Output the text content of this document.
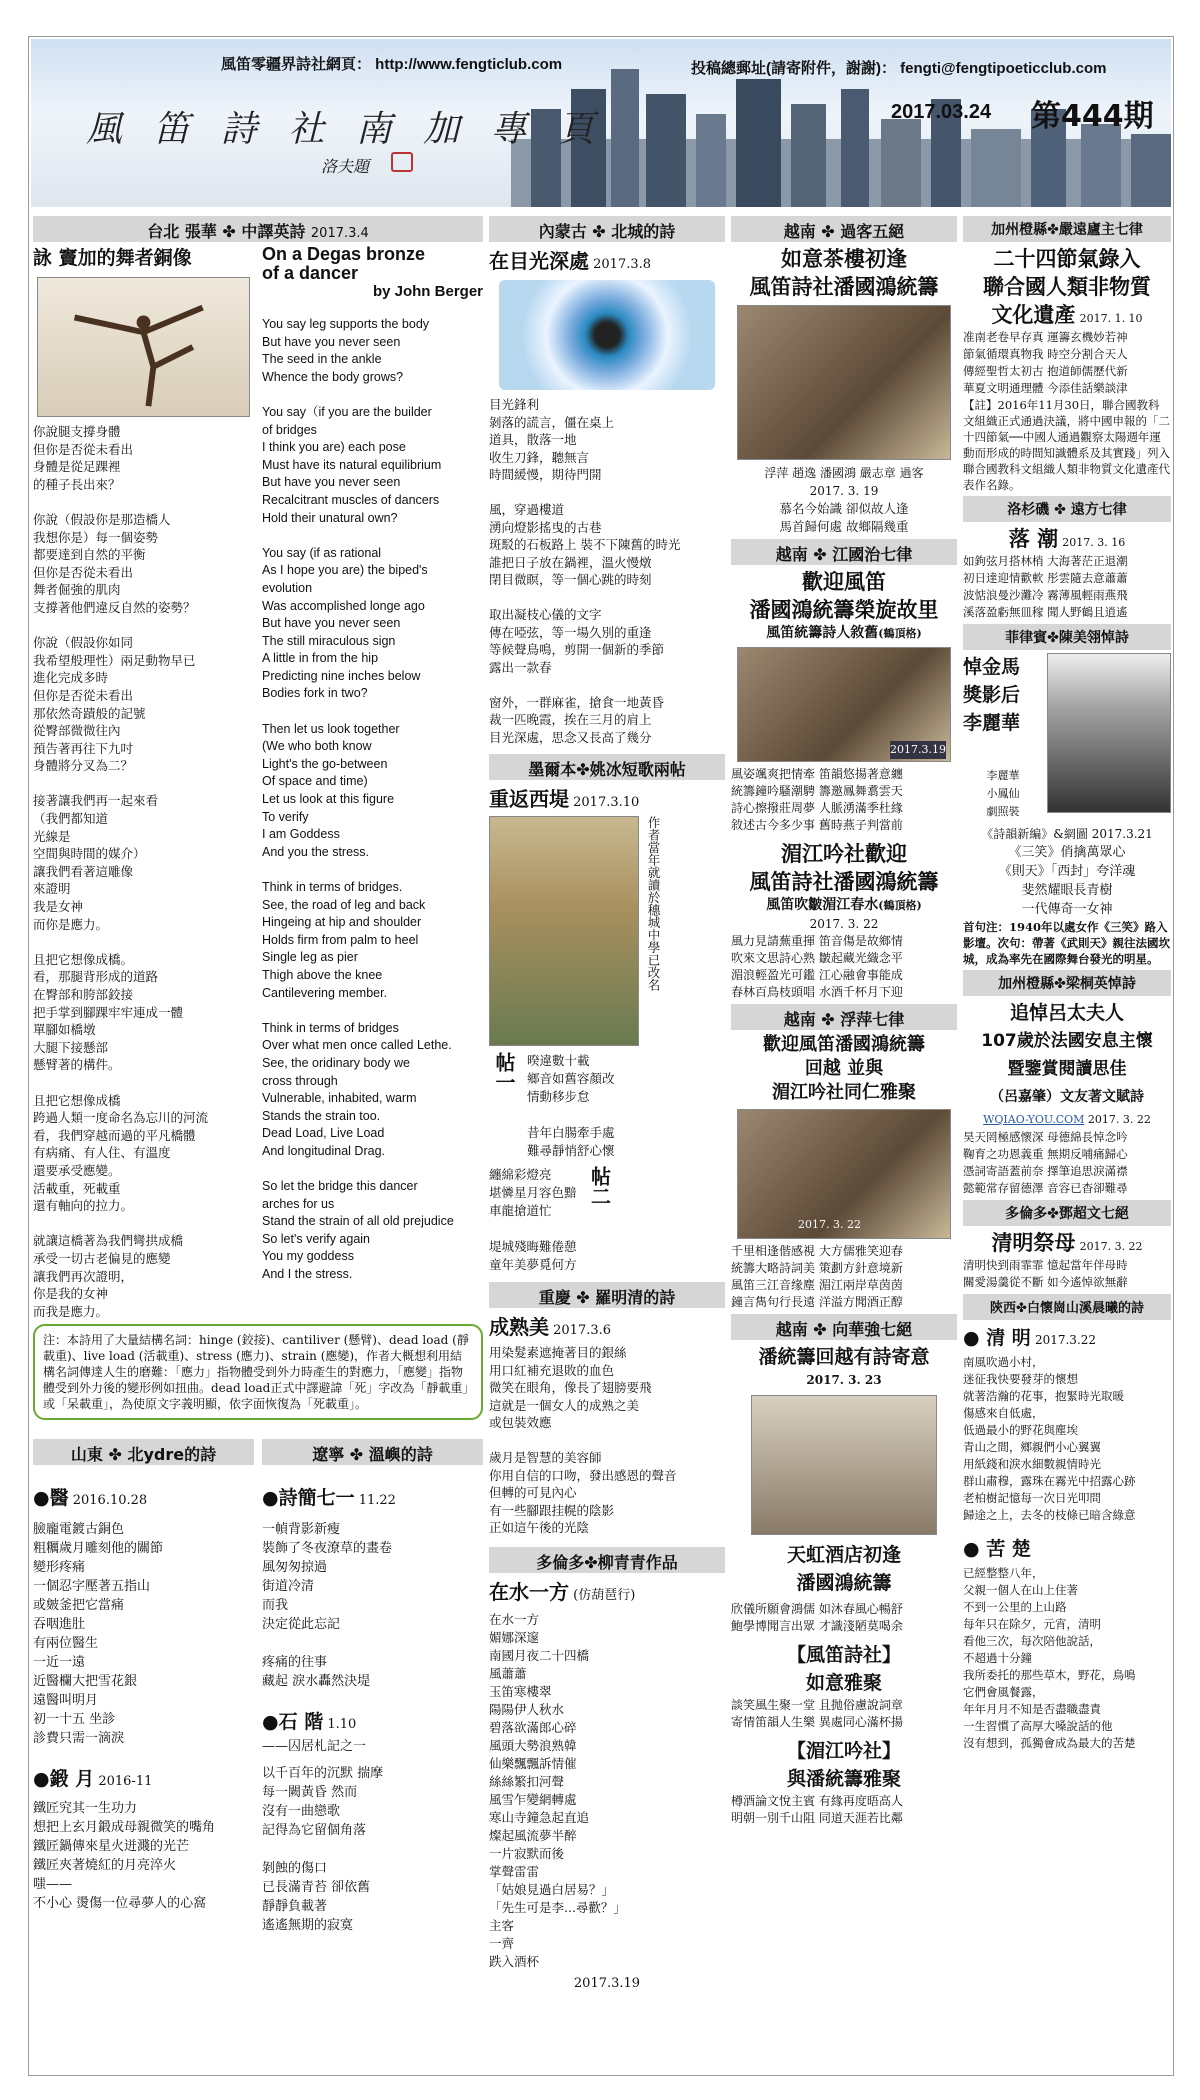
風笛零疆界詩社網頁： http://www.fengticlub.com	投稿總郵址(請寄附件，謝謝)： fengti@fengtipoeticclub.com
風 笛 詩 社 南 加 專 頁
洛夫題
2017.03.24 第444期
台北 張華 ✤ 中譯英詩 2017.3.4
詠 竇加的舞者銅像
你說腿支撐身體
但你是否從未看出
身體是從足踝裡
的種子長出來？

你說（假設你是那造橋人
我想你是）每一個姿勢
都要達到自然的平衡
但你是否從未看出
舞者倔強的肌肉
支撐著他們違反自然的姿勢？

你說（假設你如同
我希望般理性）兩足動物早已
進化完成多時
但你是否從未看出
那依然奇蹟般的記號
從臀部微微往內
預告著再往下九吋
身體將分叉為二？

接著讓我們再一起來看
（我們都知道
光線是
空間與時間的媒介）
讓我們看著這雕像
來證明
我是女神
而你是應力。

且把它想像成橋。
看，那腿背形成的道路
在臀部和胯部鉸接
把手掌到腳踝牢牢連成一體
單腳如橋墩
大腿下接懸部
懸臂著的構件。

且把它想像成橋
跨過人類一度命名為忘川的河流
看，我們穿越而過的平凡橋體
有病痛、有人住、有溫度
還要承受應變。
活載重，死載重
還有軸向的拉力。

就讓這橋著為我們彎拱成橋
承受一切古老偏見的應變
讓我們再次證明，
你是我的女神
而我是應力。
On a Degas bronze
of a dancer
by John Berger
You say leg supports the body
But have you never seen
The seed in the ankle
Whence the body grows?

You say（if you are the builder
of bridges
I think you are) each pose
Must have its natural equilibrium
But have you never seen
Recalcitrant muscles of dancers
Hold their unatural own?

You say (if as rational
As I hope you are) the biped's
evolution
Was accomplished longe ago
But have you never seen
The still miraculous sign
A little in from the hip
Predicting nine inches below
Bodies fork in two?

Then let us look together
(We who both know
Light's the go-between
Of space and time)
Let us look at this figure
To verify
I am Goddess
And you the stress.

Think in terms of bridges.
See, the road of leg and back
Hingeing at hip and shoulder
Holds firm from palm to heel
Single leg as pier
Thigh above the knee
Cantilevering member.

Think in terms of bridges
Over what men once called Lethe.
See, the oridinary body we
cross through
Vulnerable, inhabited, warm
Stands the strain too.
Dead Load, Live Load
And longitudinal Drag.

So let the bridge this dancer
arches for us
Stand the strain of all old prejudice
So let's verify again
You my goddess
And I the stress.
注：本詩用了大量結構名詞：hinge (鉸接)、cantiliver (懸臂)、dead load (靜載重)、live load (活載重)、stress (應力)、strain (應變)，作者大概想利用結構名詞傳達人生的磨難：「應力」指物體受到外力時產生的對應力，「應變」指物體受到外力後的變形例如扭曲。dead load正式中譯避諱「死」字改為「靜載重」或「呆載重」，為使原文字義明顯，依字面恢復為「死載重」。
山東 ✤ 北ydre的詩
●醫 2016.10.28
臉龐電鍍古銅色
粗糲歲月雕刻他的關節
變形疼痛
一個忍字壓著五指山
或皴釜把它當痛
吞咽進肚
有兩位醫生
一近一遠
近醫欄大把雪花銀
遠醫叫明月
初一十五 坐診
診費只需一滴淚
●鍛 月 2016-11
鐵匠究其一生功力
想把上玄月鍛成母親微笑的嘴角
鐵匠鍋傳來星火迸濺的光芒
鐵匠夾著燒紅的月亮淬火
嗤——
不小心 燙傷一位尋夢人的心窩
遼寧 ✤ 溫嶼的詩
●詩簡七一 11.22
一幀背影新瘦
裝飾了冬夜潦草的畫卷
風匆匆掠過
街道冷清
而我
決定從此忘記

疼痛的往事
藏起 淚水轟然決堤
●石 階 1.10
——囚居札記之一
以千百年的沉默 揣摩
每一闕黃昏 然而
沒有一曲戀歌
記得為它留個角落

剝蝕的傷口
已長滿青苔 卻依舊
靜靜負載著
遙遙無期的寂寞
內蒙古 ✤ 北城的詩
在目光深處 2017.3.8
目光鋒利
剝落的謊言，僵在桌上
道具，散落一地
收生刀鋒，聽無言
時間緩慢，期待門開

風，穿過樓道
湧向燈影搖曳的古巷
斑駁的石板路上 裝不下陳舊的時光
誰把日子放在鍋裡，溫火慢燉
閉目微瞑，等一個心跳的時刻

取出凝枝心儀的文字
傳在啞弦，等一場久別的重逢
等候聲鳥鳴，剪開一個新的季節
露出一款春

窗外，一群麻雀，搶食一地黃昏
裁一匹晚霞，挨在三月的肩上
目光深處，思念又長高了幾分
墨爾本✤姚冰短歌兩帖
重返西堤 2017.3.10
作者當年就讀於穗城中學已改名
帖一 暌違數十載
鄉音如舊容顏改
情動移步怠

昔年白腸牽手處
難尋靜悄舒心懷
纏綿彩燈亮
堪憐星月容色黯
車龍搶道忙

堤城殘晦難倦憩
童年美夢覓何方
帖二
重慶 ✤ 羅明清的詩
成熟美 2017.3.6
用染髮素遮掩著目的銀絲
用口紅補充退敗的血色
微笑在眼角，像長了翅膀要飛
這就是一個女人的成熟之美
或包裝效應

歲月是智慧的美容師
你用自信的口吻，發出感恩的聲音
但轉的可見內心
有一些腳跟挂幌的陰影
正如這午後的光陰
多倫多✤柳青青作品
在水一方 (仿葫琶行)
在水一方
媚娜深邃
南國月夜二十四橋
風蕭蕭
玉笛寒樓翠
陽陽伊人秋水
碧落欲滿郎心碎
風頭大勢浪熟韓
仙樂飄飄訴情催
絲絲繁扣河聲
風雪乍變網轉處
寒山寺鐘急起直追
燦起風流夢半醉
一片寂默而後
掌聲雷雷
「姑娘見過白居易？」
「先生可是李...尋歡？」
主客
一齊
跌入酒杯
2017.3.19
越南 ✤ 過客五絕
如意茶樓初逢
風笛詩社潘國鴻統籌
浮萍 趙逸 潘國鴻 嚴志章 過客
2017. 3. 19
慕名今始識 卻似故人逢
馬首歸何處 故鄉隔幾重
越南 ✤ 江國治七律
歡迎風笛
潘國鴻統籌榮旋故里
風笛統籌詩人敘舊(鶴頂格)
2017.3.19
風姿颯爽把情牽 笛韻悠揚著意纏
統籌鐘吟騷潮騁 籌邀鳳舞翥雲天
詩心擦撥莊周夢 人脈湧滿季杜緣
敘述古今多少事 舊時燕子判當前
湄江吟社歡迎
風笛詩社潘國鴻統籌
風笛吹皺湄江春水(鶴頂格)
2017. 3. 22
風力見請蕪重揮 笛音傷是故鄉情
吹來文思詩心熟 皺起藏光織念平
湄浪輕盈光可鑑 江心融會事能成
春林百鳥枝頭唱 水酒千杯月下迎
越南 ✤ 浮萍七律
歡迎風笛潘國鴻統籌
回越 並與
湄江吟社同仁雅聚
2017. 3. 22
千里相逢偕感視 大方儒雅笑迎春
統籌大略詩詞美 策劃方針意境新
風笛三江音缘塵 湄江兩岸草茵茵
鐘言雋句行長遠 洋溢方聞酒正醇
越南 ✤ 向華強七絕
潘統籌回越有詩寄意
2017. 3. 23
天虹酒店初逢
潘國鴻統籌
欣儀所願會鴻儒 如沐春風心暢舒
鮑學博聞言出眾 才識淺陋莫喝余
【風笛詩社】
如意雅聚
談笑風生聚一堂 且抛俗慮說詞章
寄情笛韻人生樂 異處同心滿杯揚
【湄江吟社】
與潘統籌雅聚
樽酒論文悅主賓 有緣再度晤高人
明朝一別千山阻 同道天涯若比鄰
加州橙縣✤嚴遠廬主七律
二十四節氣錄入
聯合國人類非物質
文化遺產 2017. 1. 10
准南老卷早存真 運籌玄機妙若神
節氣循環真物我 時空分割合天人
傳經聖哲太初古 抱道師儒歷代新
華夏文明通理體 今添佳話樂談津
【註】2016年11月30日，聯合國教科文組織正式通過決議，將中國申報的「二十四節氣──中國人通過觀察太陽週年運動而形成的時間知識體系及其實踐」列入聯合國教科文組織人類非物質文化遺產代表作名錄。
洛杉磯 ✤ 遠方七律
落 潮 2017. 3. 16
如鉤弦月搭林梢 大海著茫正退潮
初日達迎情歡軟 彤雲隨去意蕭蕭
波惦浪曼沙灘冷 霧薄風輕雨燕飛
溪落盈虧無皿稼 聞人野鶴且逍遙
菲律賓✤陳美翎悼詩
悼金馬
獎影后
李麗華
李麗華
小鳳仙
劇照裝
《詩韻新編》&網圖 2017.3.21
《三笑》俏擒萬眾心
《則天》「西封」夸洋魂
斐然耀眼長青樹
一代傳奇一女神
首句注：1940年以處女作《三笑》路入影壇。次句：帶著《武則天》親往法國坎城，成為率先在國際舞台發光的明星。
加州橙縣✤梁桐英悼詩
追悼呂太夫人
107歲於法國安息主懷
暨鑒賞閱讀思佳
（呂嘉肇）文友著文賦詩
WQIAO-YOU.COM 2017. 3. 22
昊天罔極感懷深 母德綿長悼念吟
鞠育之功恩義重 無期反哺痛歸心
憑詞寄語蓋前奈 擇筆追思淚滿襟
懿範常存留德澤 音容已杳卻難尋
多倫多✤鄧超文七絕
清明祭母 2017. 3. 22
清明快到雨霏霏 憶起當年伴母時
關愛湯羹從不斷 如今遙悼欲無辭
陝西✤白懷崗山溪晨曦的詩
● 清 明 2017.3.22
南風吹過小村，
迷征我快要發芽的懷想
就著浩瀚的花事，抱緊時光取暖
傷感來自低處，
低過最小的野花與塵埃
青山之間，鄉親們小心翼翼
用紙錢和淚水細數親情時光
群山肅穆，露珠在霧光中招露心跡
老柏樹記憶每一次日光叩問
歸途之上，去冬的枝條已暗含綠意
● 苦 楚
已經整整八年，
父親一個人在山上住著
不到一公里的上山路
每年只在除夕，元宵，清明
看他三次，每次陪他說話，
不超過十分鐘
我所委托的那些草木，野花，鳥鳴
它們會風餐露，
年年月月不知是否盡職盡責
一生習慣了高厚大嗓說話的他
沒有想到，孤獨會成為最大的苦楚
